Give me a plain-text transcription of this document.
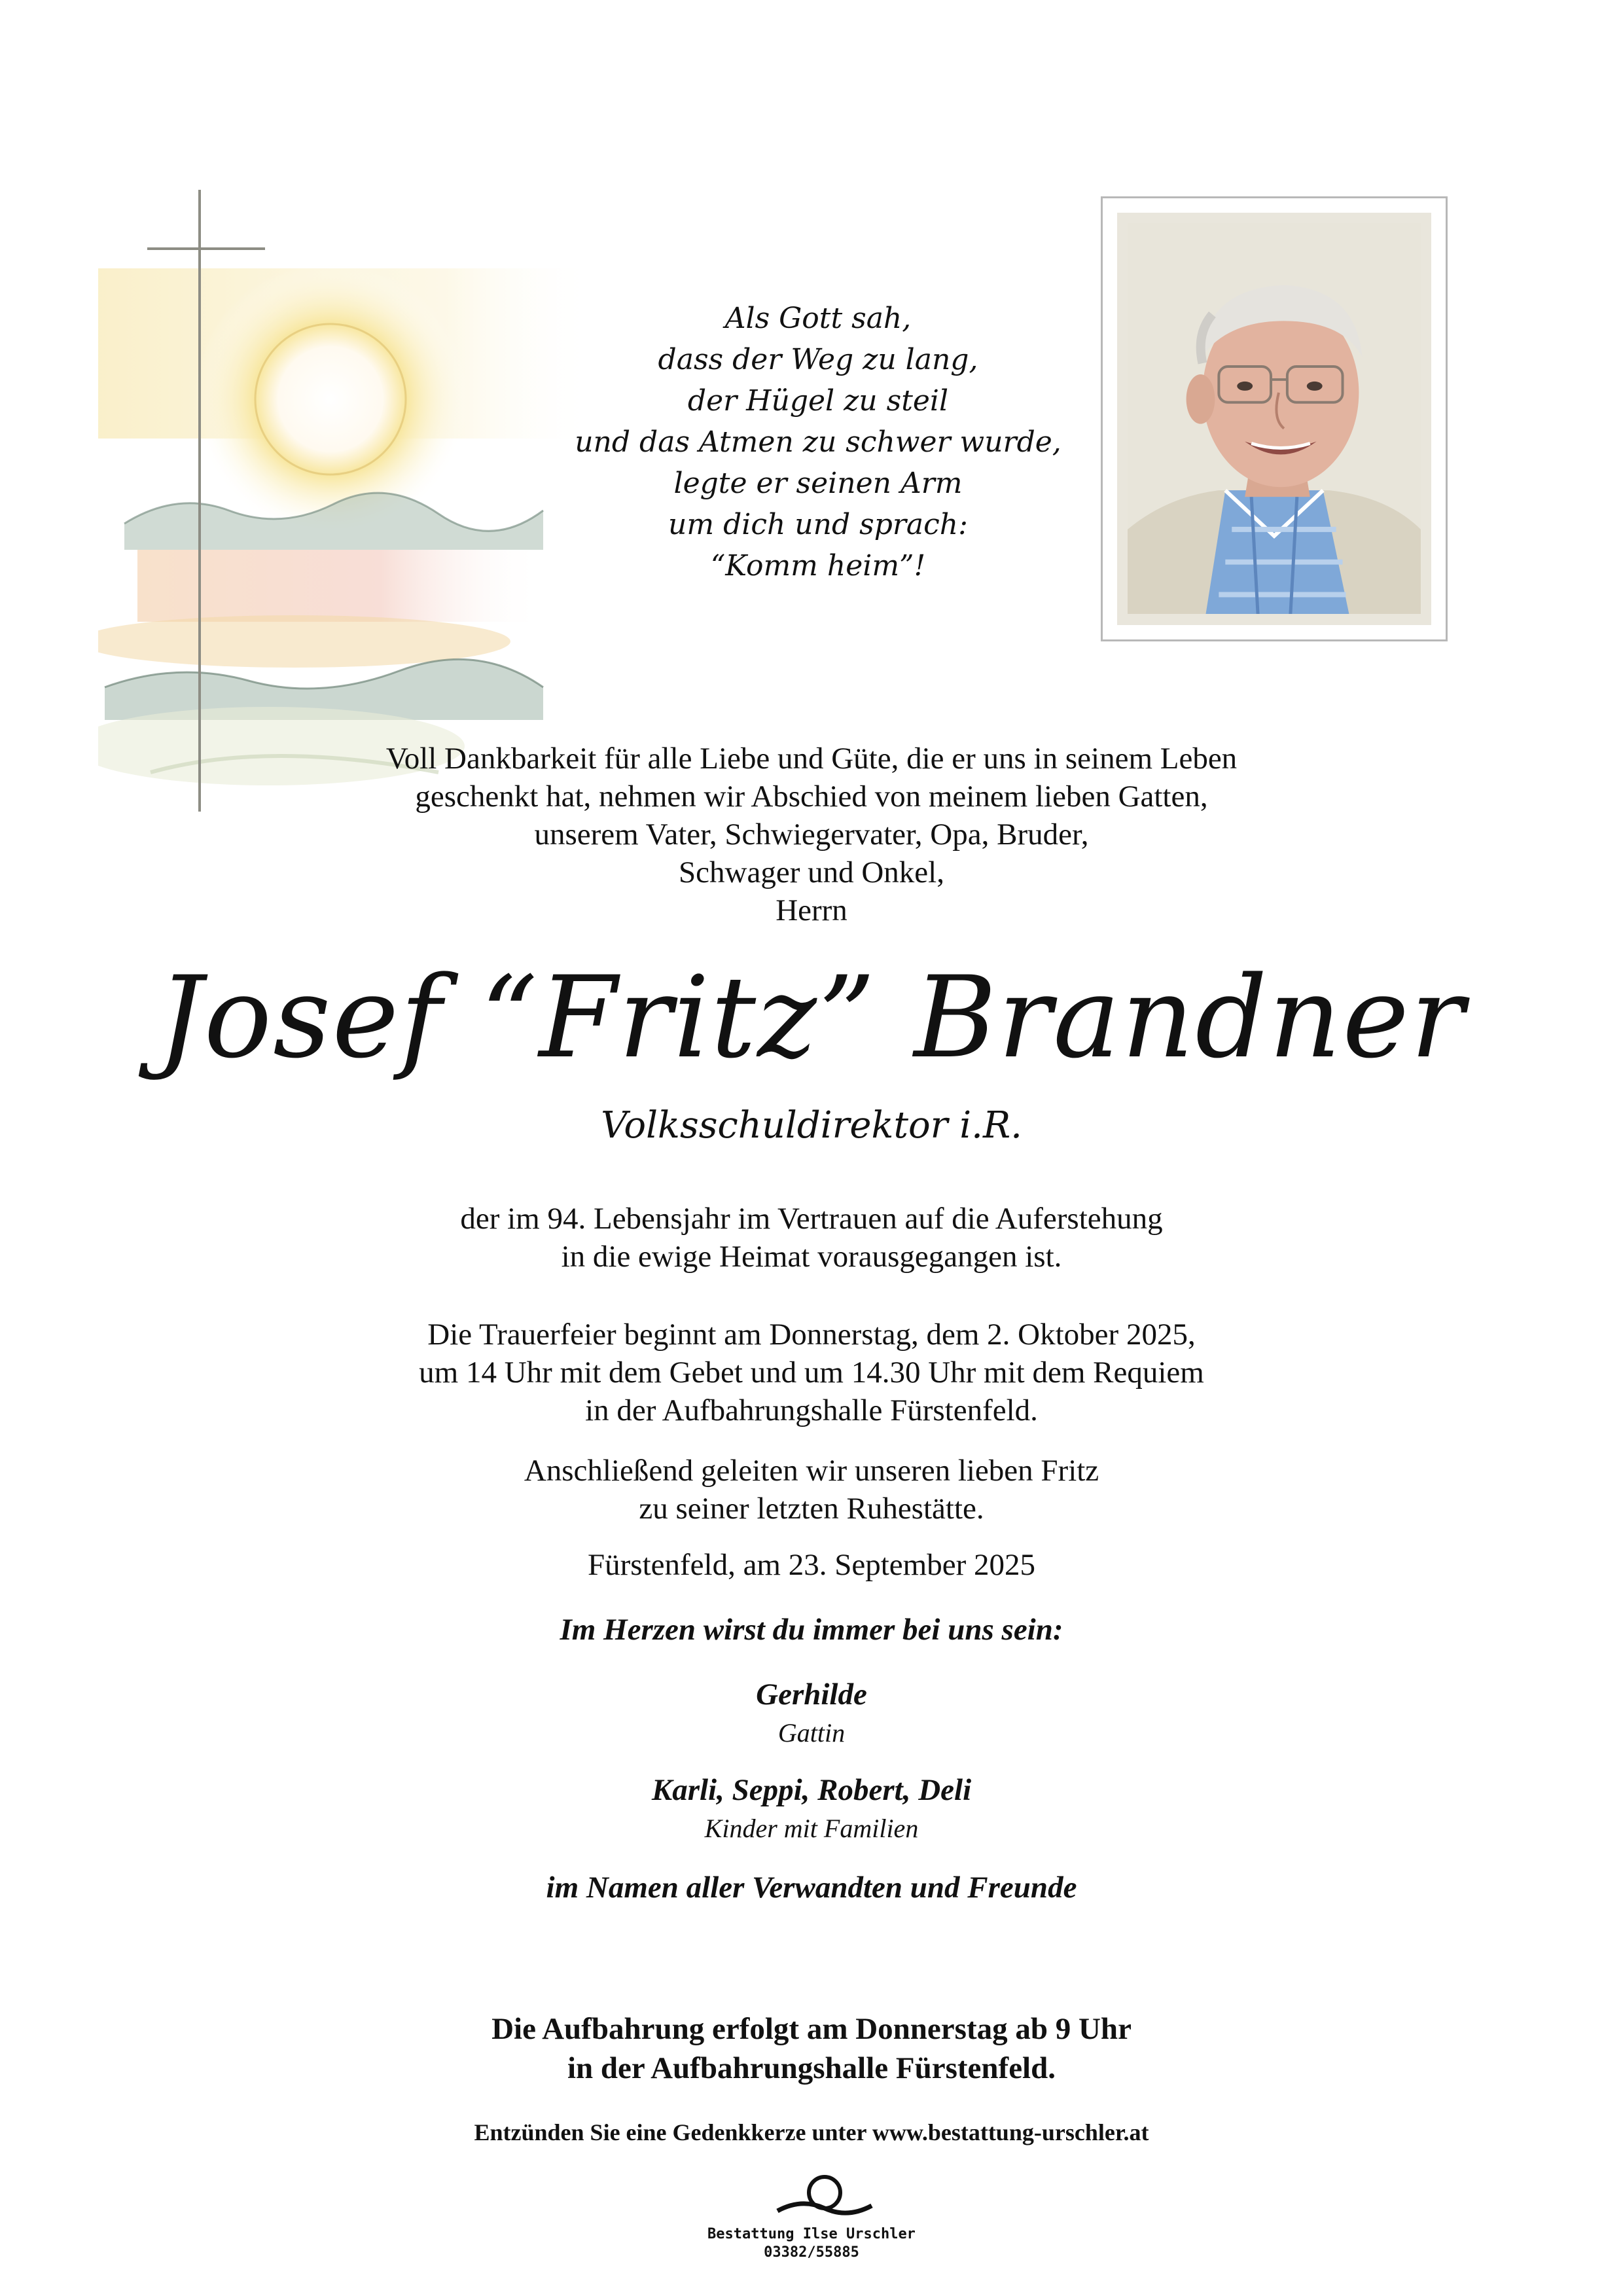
Als Gott sah,
dass der Weg zu lang,
der Hügel zu steil
und das Atmen zu schwer wurde,
legte er seinen Arm
um dich und sprach:
“Komm heim”!
Voll Dankbarkeit für alle Liebe und Güte, die er uns in seinem Leben
geschenkt hat, nehmen wir Abschied von meinem lieben Gatten,
unserem Vater, Schwiegervater, Opa, Bruder,
Schwager und Onkel,
Herrn
Josef “Fritz” Brandner
Volksschuldirektor i.R.
der im 94. Lebensjahr im Vertrauen auf die Auferstehung
in die ewige Heimat vorausgegangen ist.
Die Trauerfeier beginnt am Donnerstag, dem 2. Oktober 2025,
um 14 Uhr mit dem Gebet und um 14.30 Uhr mit dem Requiem
in der Aufbahrungshalle Fürstenfeld.
Anschließend geleiten wir unseren lieben Fritz
zu seiner letzten Ruhestätte.
Fürstenfeld, am 23. September 2025
Im Herzen wirst du immer bei uns sein:
Gerhilde
Gattin
Karli, Seppi, Robert, Deli
Kinder mit Familien
im Namen aller Verwandten und Freunde
Die Aufbahrung erfolgt am Donnerstag ab 9 Uhr
in der Aufbahrungshalle Fürstenfeld.
Entzünden Sie eine Gedenkkerze unter www.bestattung-urschler.at
Bestattung Ilse Urschler
03382/55885
